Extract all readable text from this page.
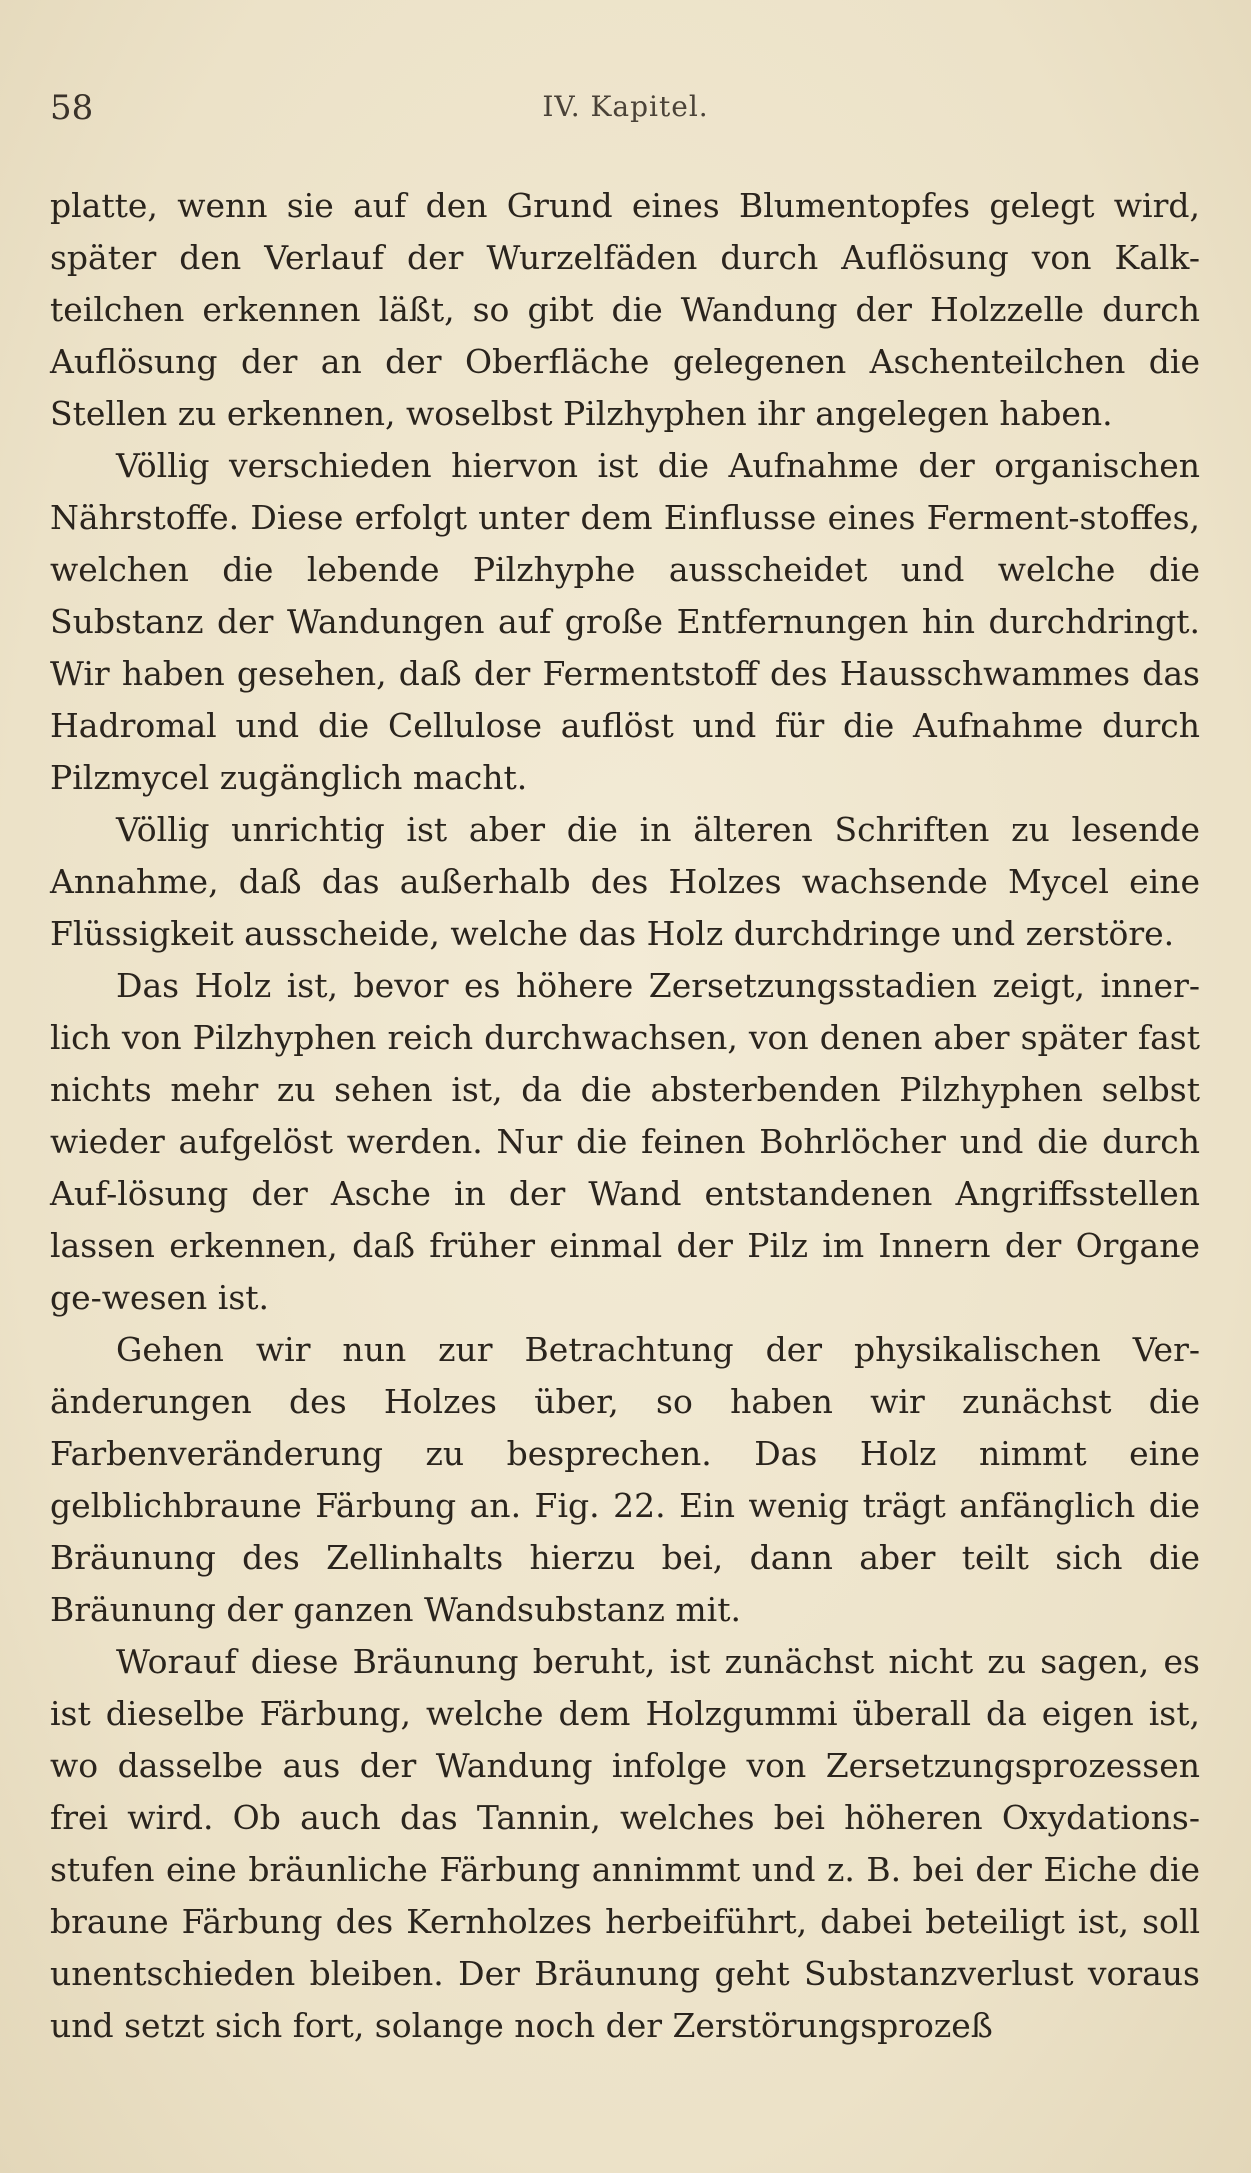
58	IV. Kapitel.

platte, wenn sie auf den Grund eines Blumentopfes gelegt wird, später den Verlauf der Wurzelfäden durch Auflösung von Kalk-teilchen erkennen läßt, so gibt die Wandung der Holzzelle durch Auflösung der an der Oberfläche gelegenen Aschenteilchen die Stellen zu erkennen, woselbst Pilzhyphen ihr angelegen haben.

Völlig verschieden hiervon ist die Aufnahme der organischen Nährstoffe. Diese erfolgt unter dem Einflusse eines Ferment-stoffes, welchen die lebende Pilzhyphe ausscheidet und welche die Substanz der Wandungen auf große Entfernungen hin durchdringt. Wir haben gesehen, daß der Fermentstoff des Hausschwammes das Hadromal und die Cellulose auflöst und für die Aufnahme durch Pilzmycel zugänglich macht.

Völlig unrichtig ist aber die in älteren Schriften zu lesende Annahme, daß das außerhalb des Holzes wachsende Mycel eine Flüssigkeit ausscheide, welche das Holz durchdringe und zerstöre.

Das Holz ist, bevor es höhere Zersetzungsstadien zeigt, inner-lich von Pilzhyphen reich durchwachsen, von denen aber später fast nichts mehr zu sehen ist, da die absterbenden Pilzhyphen selbst wieder aufgelöst werden. Nur die feinen Bohrlöcher und die durch Auf-lösung der Asche in der Wand entstandenen Angriffsstellen lassen erkennen, daß früher einmal der Pilz im Innern der Organe ge-wesen ist.

Gehen wir nun zur Betrachtung der physikalischen Ver-änderungen des Holzes über, so haben wir zunächst die Farbenveränderung zu besprechen. Das Holz nimmt eine gelblichbraune Färbung an. Fig. 22. Ein wenig trägt anfänglich die Bräunung des Zellinhalts hierzu bei, dann aber teilt sich die Bräunung der ganzen Wandsubstanz mit.

Worauf diese Bräunung beruht, ist zunächst nicht zu sagen, es ist dieselbe Färbung, welche dem Holzgummi überall da eigen ist, wo dasselbe aus der Wandung infolge von Zersetzungsprozessen frei wird. Ob auch das Tannin, welches bei höheren Oxydations-stufen eine bräunliche Färbung annimmt und z. B. bei der Eiche die braune Färbung des Kernholzes herbeiführt, dabei beteiligt ist, soll unentschieden bleiben. Der Bräunung geht Substanzverlust voraus und setzt sich fort, solange noch der Zerstörungsprozeß
